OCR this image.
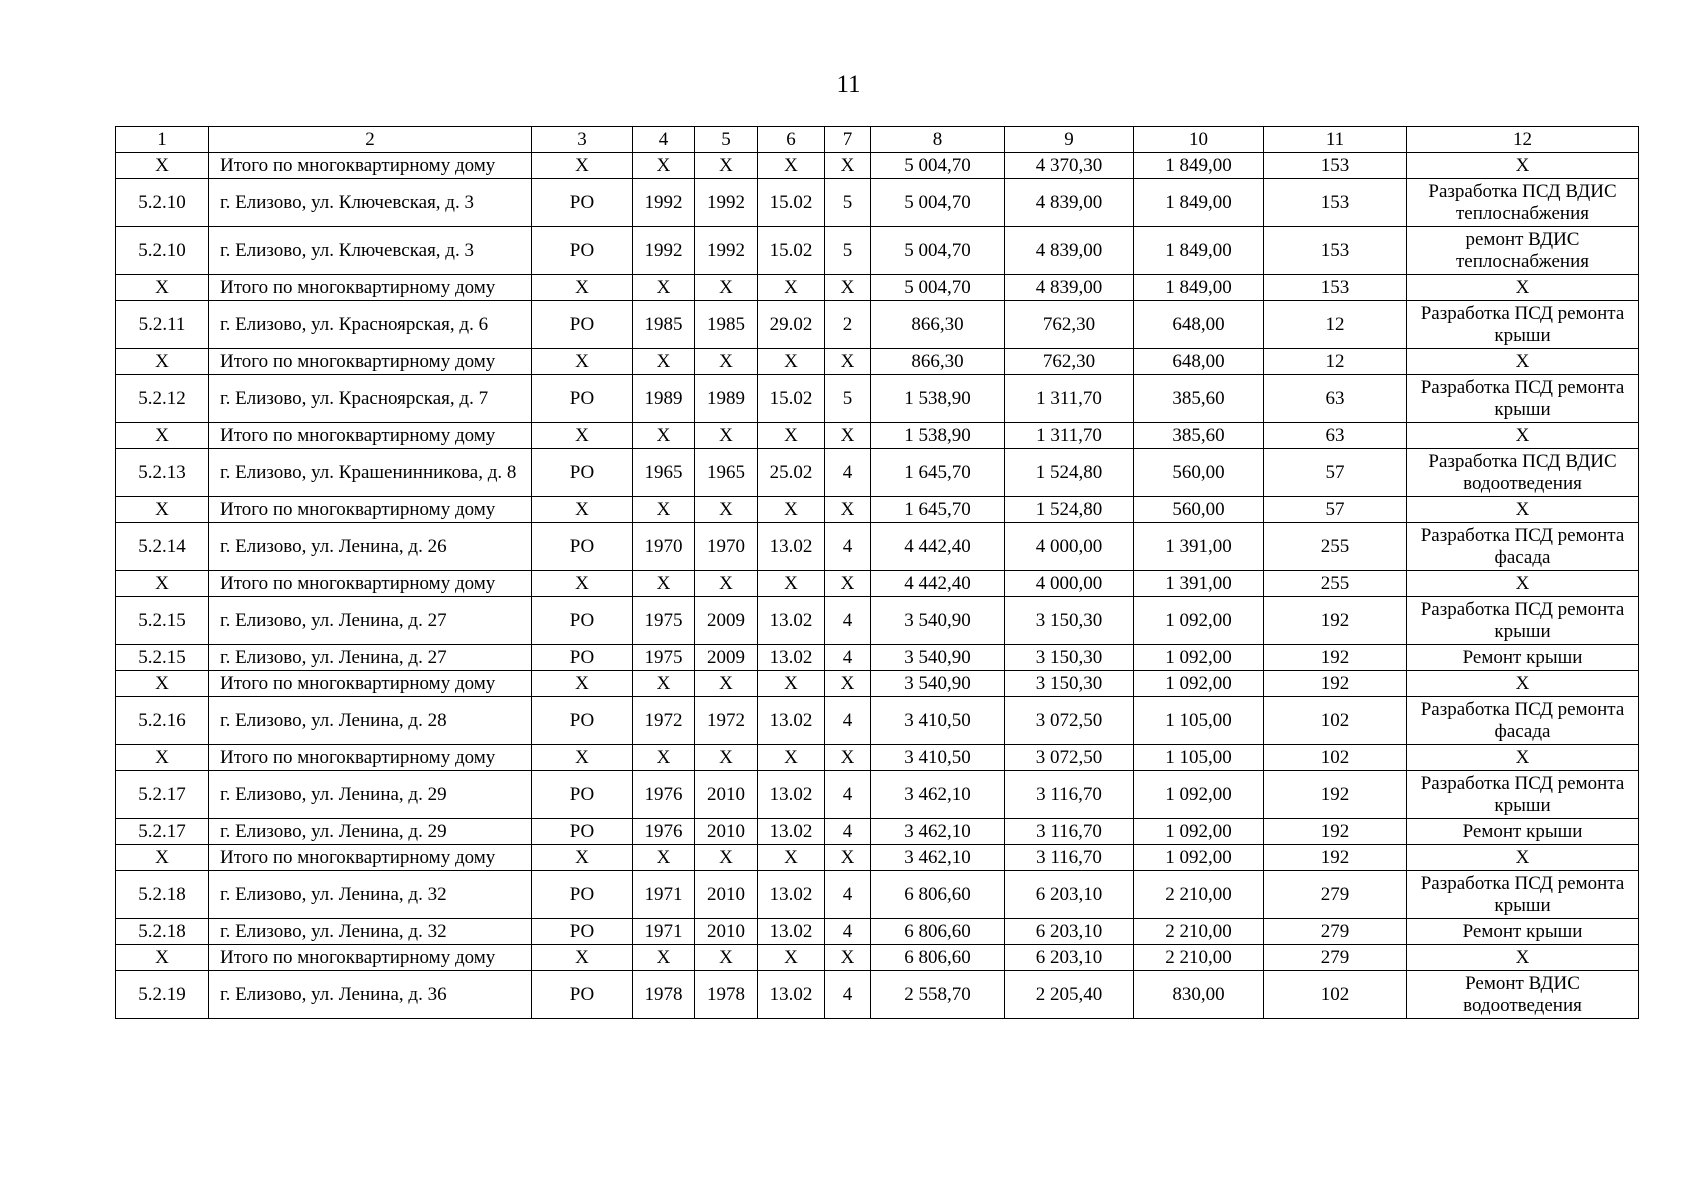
11
1	2	3	4	5	6	7	8	9	10	11	12
Х	Итого по многоквартирному дому	Х	Х	Х	Х	Х	5 004,70	4 370,30	1 849,00	153	Х
5.2.10	г. Елизово, ул. Ключевская, д. 3	РО	1992	1992	15.02	5	5 004,70	4 839,00	1 849,00	153	Разработка ПСД ВДИС теплоснабжения
5.2.10	г. Елизово, ул. Ключевская, д. 3	РО	1992	1992	15.02	5	5 004,70	4 839,00	1 849,00	153	ремонт ВДИС теплоснабжения
Х	Итого по многоквартирному дому	Х	Х	Х	Х	Х	5 004,70	4 839,00	1 849,00	153	Х
5.2.11	г. Елизово, ул. Красноярская, д. 6	РО	1985	1985	29.02	2	866,30	762,30	648,00	12	Разработка ПСД ремонта крыши
Х	Итого по многоквартирному дому	Х	Х	Х	Х	Х	866,30	762,30	648,00	12	Х
5.2.12	г. Елизово, ул. Красноярская, д. 7	РО	1989	1989	15.02	5	1 538,90	1 311,70	385,60	63	Разработка ПСД ремонта крыши
Х	Итого по многоквартирному дому	Х	Х	Х	Х	Х	1 538,90	1 311,70	385,60	63	Х
5.2.13	г. Елизово, ул. Крашенинникова, д. 8	РО	1965	1965	25.02	4	1 645,70	1 524,80	560,00	57	Разработка ПСД ВДИС водоотведения
Х	Итого по многоквартирному дому	Х	Х	Х	Х	Х	1 645,70	1 524,80	560,00	57	Х
5.2.14	г. Елизово, ул. Ленина, д. 26	РО	1970	1970	13.02	4	4 442,40	4 000,00	1 391,00	255	Разработка ПСД ремонта фасада
Х	Итого по многоквартирному дому	Х	Х	Х	Х	Х	4 442,40	4 000,00	1 391,00	255	Х
5.2.15	г. Елизово, ул. Ленина, д. 27	РО	1975	2009	13.02	4	3 540,90	3 150,30	1 092,00	192	Разработка ПСД ремонта крыши
5.2.15	г. Елизово, ул. Ленина, д. 27	РО	1975	2009	13.02	4	3 540,90	3 150,30	1 092,00	192	Ремонт крыши
Х	Итого по многоквартирному дому	Х	Х	Х	Х	Х	3 540,90	3 150,30	1 092,00	192	Х
5.2.16	г. Елизово, ул. Ленина, д. 28	РО	1972	1972	13.02	4	3 410,50	3 072,50	1 105,00	102	Разработка ПСД ремонта фасада
Х	Итого по многоквартирному дому	Х	Х	Х	Х	Х	3 410,50	3 072,50	1 105,00	102	Х
5.2.17	г. Елизово, ул. Ленина, д. 29	РО	1976	2010	13.02	4	3 462,10	3 116,70	1 092,00	192	Разработка ПСД ремонта крыши
5.2.17	г. Елизово, ул. Ленина, д. 29	РО	1976	2010	13.02	4	3 462,10	3 116,70	1 092,00	192	Ремонт крыши
Х	Итого по многоквартирному дому	Х	Х	Х	Х	Х	3 462,10	3 116,70	1 092,00	192	Х
5.2.18	г. Елизово, ул. Ленина, д. 32	РО	1971	2010	13.02	4	6 806,60	6 203,10	2 210,00	279	Разработка ПСД ремонта крыши
5.2.18	г. Елизово, ул. Ленина, д. 32	РО	1971	2010	13.02	4	6 806,60	6 203,10	2 210,00	279	Ремонт крыши
Х	Итого по многоквартирному дому	Х	Х	Х	Х	Х	6 806,60	6 203,10	2 210,00	279	Х
5.2.19	г. Елизово, ул. Ленина, д. 36	РО	1978	1978	13.02	4	2 558,70	2 205,40	830,00	102	Ремонт ВДИС водоотведения
